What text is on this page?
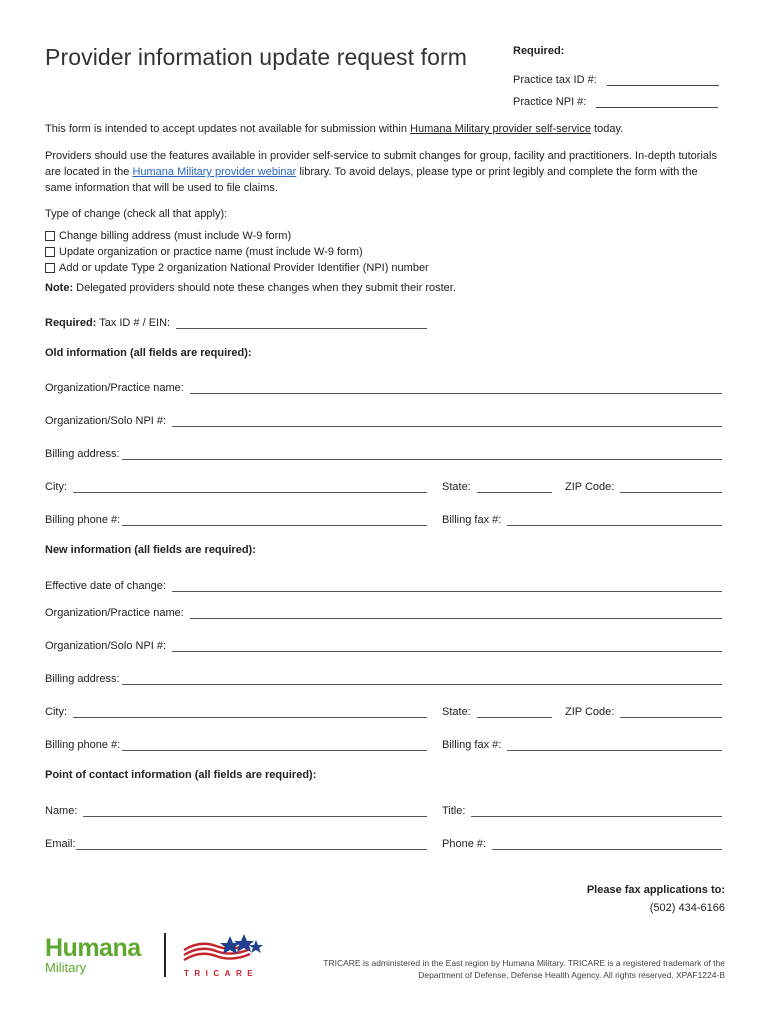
Provider information update request form	Required:
Practice tax ID #:
Practice NPI #:
This form is intended to accept updates not available for submission within Humana Military provider self-service today.
Providers should use the features available in provider self-service to submit changes for group, facility and practitioners. In-depth tutorials are located in the Humana Military provider webinar library. To avoid delays, please type or print legibly and complete the form with the same information that will be used to file claims.
Type of change (check all that apply):
Change billing address (must include W-9 form)
Update organization or practice name (must include W-9 form)
Add or update Type 2 organization National Provider Identifier (NPI) number
Note: Delegated providers should note these changes when they submit their roster.
Required: Tax ID # / EIN:
Old information (all fields are required):
Organization/Practice name:
Organization/Solo NPI #:
Billing address:
City:	State:	ZIP Code:
Billing phone #:	Billing fax #:
New information (all fields are required):
Effective date of change:
Organization/Practice name:
Organization/Solo NPI #:
Billing address:
City:	State:	ZIP Code:
Billing phone #:	Billing fax #:
Point of contact information (all fields are required):
Name:	Title:
Email:	Phone #:
Please fax applications to:
(502) 434-6166
Humana
Military	TRICARE
TRICARE is administered in the East region by Humana Military. TRICARE is a registered trademark of the Department of Defense, Defense Health Agency. All rights reserved. XPAF1224-B
